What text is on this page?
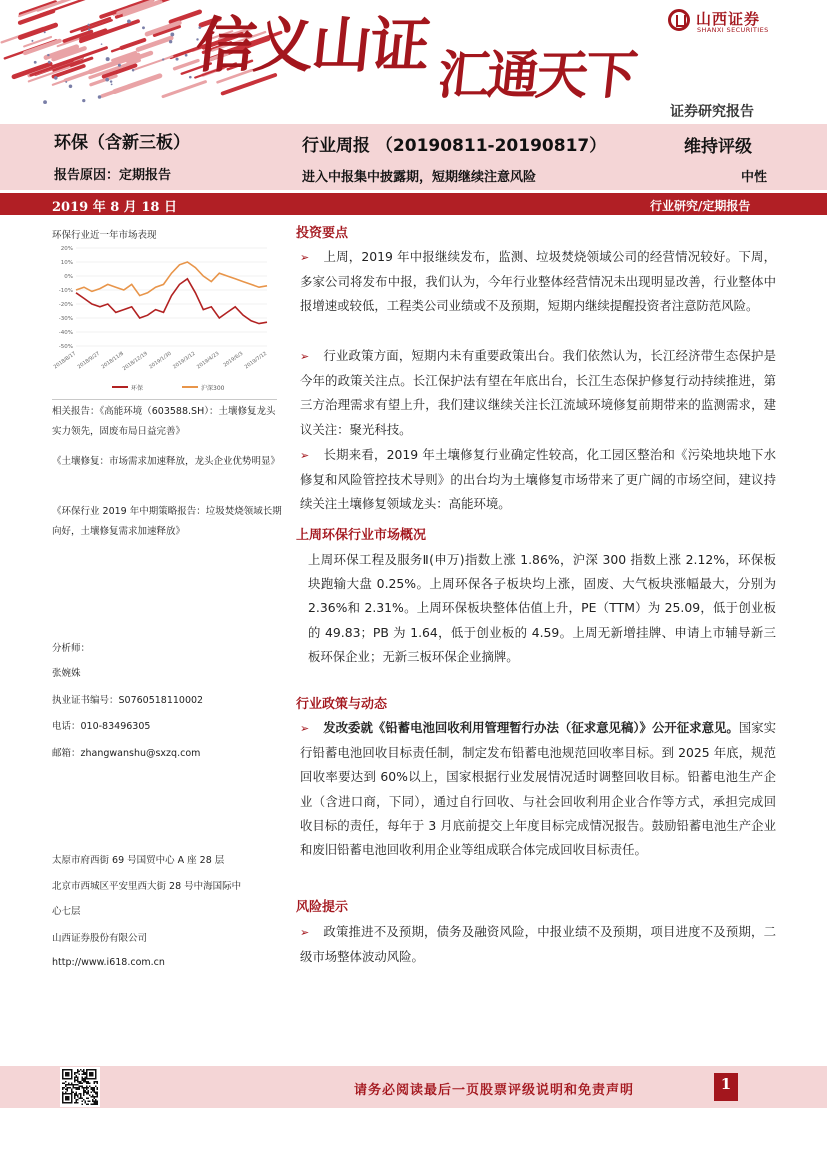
信义山证 汇通天下
山西证券
SHANXI SECURITIES
证券研究报告
环保（含新三板）
报告原因：定期报告
行业周报 （20190811-20190817）
进入中报集中披露期，短期继续注意风险
维持评级
中性
2019 年 8 月 18 日	行业研究/定期报告
环保行业近一年市场表现
20%
10%
0%
-10%
-20%
-30%
-40%
-50%
2018/8/17 2018/9/27 2018/11/8
2018/12/19 2019/1/30 2019/3/12 2019/4/23 2019/6/3 2019/7/12
环保	沪深300
相关报告：《高能环境（603588.SH）：土壤修复龙头实力领先，固废布局日益完善》
《土壤修复：市场需求加速释放，龙头企业优势明显》
《环保行业 2019 年中期策略报告：垃圾焚烧领域长期向好，土壤修复需求加速释放》
分析师：
张婉姝
执业证书编号：S0760518110002
电话：010-83496305
邮箱：zhangwanshu@sxzq.com
太原市府西街 69 号国贸中心 A 座 28 层
北京市西城区平安里西大街 28 号中海国际中
心七层
山西证券股份有限公司
http://www.i618.com.cn
投资要点
➢ 上周，2019 年中报继续发布，监测、垃圾焚烧领域公司的经营情况较好。下周，多家公司将发布中报，我们认为，今年行业整体经营情况未出现明显改善，行业整体中报增速或较低，工程类公司业绩或不及预期，短期内继续提醒投资者注意防范风险。
➢ 行业政策方面，短期内未有重要政策出台。我们依然认为，长江经济带生态保护是今年的政策关注点。长江保护法有望在年底出台，长江生态保护修复行动持续推进，第三方治理需求有望上升，我们建议继续关注长江流域环境修复前期带来的监测需求，建议关注：聚光科技。
➢ 长期来看，2019 年土壤修复行业确定性较高，化工园区整治和《污染地块地下水修复和风险管控技术导则》的出台均为土壤修复市场带来了更广阔的市场空间，建议持续关注土壤修复领域龙头：高能环境。
上周环保行业市场概况
上周环保工程及服务Ⅱ(申万)指数上涨 1.86%，沪深 300 指数上涨 2.12%，环保板块跑输大盘 0.25%。上周环保各子板块均上涨，固废、大气板块涨幅最大，分别为 2.36%和 2.31%。上周环保板块整体估值上升，PE（TTM）为 25.09，低于创业板的 49.83；PB 为 1.64，低于创业板的 4.59。上周无新增挂牌、申请上市辅导新三板环保企业；无新三板环保企业摘牌。
行业政策与动态
➢ 发改委就《铅蓄电池回收利用管理暂行办法（征求意见稿）》公开征求意见。国家实行铅蓄电池回收目标责任制，制定发布铅蓄电池规范回收率目标。到 2025 年底，规范回收率要达到 60%以上，国家根据行业发展情况适时调整回收目标。铅蓄电池生产企业（含进口商，下同），通过自行回收、与社会回收利用企业合作等方式，承担完成回收目标的责任，每年于 3 月底前提交上年度目标完成情况报告。鼓励铅蓄电池生产企业和废旧铅蓄电池回收利用企业等组成联合体完成回收目标责任。
风险提示
➢ 政策推进不及预期，债务及融资风险，中报业绩不及预期，项目进度不及预期，二级市场整体波动风险。
请务必阅读最后一页股票评级说明和免责声明	1
